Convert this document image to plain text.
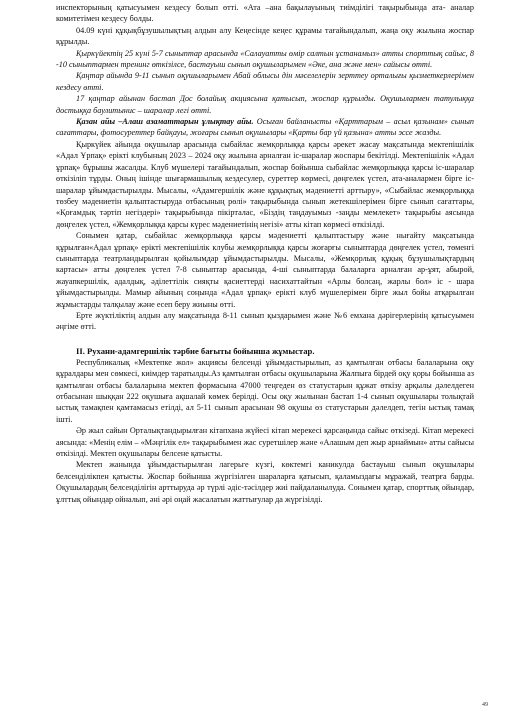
инспекторының қатысуымен кездесу болып өтті. «Ата –ана бақылауының тиімділігі тақырыбында ата- аналар комитетімен кездесу болды.

04.09 күні құқықбұзушылықтың алдын алу Кеңесінде кеңес құрамы тағайындалып, жаңа оқу жылына жоспар құрылды.

Қыркүйектің 25 күні 5-7 сыныптар арасында «Салауатты өмір салтын ұстанамыз» атты спорттық сайыс, 8 -10 сыныптармен тренинг өткізілсе, бастауыш сынып оқушыларымен «Әке, ана және мен» сайысы өтті.

Қаңтар айында 9-11 сынып оқушыларымен Абай облысы дін мәселелерін зерттеу орталығы қызметкерлерімен кездесу өтті.

17 қаңтар айынан бастап Дос болайық акциясына қатысып, жоспар құрылды. Оқушылармен татулыққа достыққа баулитынис – шаралар легі өтті.

Қазан айы –Алаш азаматтарын ұлықтау айы. Осыған байланысты «Қарттарым – асыл қазынам» сынып сағаттары, фотосуреттер байқауы, жоғары сынып оқушылары «Қарты бар үй қазына» атты эссе жазды.

Қыркүйек айында оқушылар арасында сыбайлас жемқорлыққа қарсы әрекет жасау мақсатында мектепішілік «Адал Ұрпақ» ерікті клубының 2023 – 2024 оқу жылына арналған іс-шаралар жоспары бекітілді. Мектепішілік «Адал ұрпақ» бұрышы жасалды. Клуб мүшелері тағайындалып, жоспар бойынша сыбайлас жемқорлыққа қарсы іс-шаралар өткізіліп тұрды. Оның ішінде шығармашылық кездесулер, суреттер көрмесі, дөңгелек үстел, ата-аналармен бірге іс-шаралар ұйымдастырылды. Мысалы, «Адамгершілік және құқықтық мәдениетті арттыру», «Сыбайлас жемқорлыққа төзбеу мәдениетін қалыптастыруда отбасының рөлі» тақырыбында сынып жетекшілерімен бірге сынып сағаттары, «Қоғамдық тәртіп негіздері» тақырыбында пікірталас, «Біздің таңдауымыз -заңды мемлекет» тақырыбы аясында дөңгелек үстел, «Жемқорлыққа қарсы күрес мәдениетінің негізі» атты кітап көрмесі өткізілді.

Сонымен қатар, сыбайлас жемқорлыққа қарсы мәдениетті қалыптастыру және нығайту мақсатында құрылған«Адал ұрпақ» ерікті мектепішілік клубы жемқорлыққа қарсы жоғарғы сыныптарда дөңгелек үстел, төменгі сыныптарда театрландырылған қойылымдар ұйымдастырылды. Мысалы, «Жемқорлық құқық бұзушылықтардың картасы» атты дөңгелек үстел 7-8 сыныптар арасында, 4-ші сыныптарда балаларға арналған ар-ұят, абырой, жауапкершілік, адалдық, әділеттілік сияқты қасиеттерді насихаттайтын «Арлы болсаң, жарлы бол» іс - шара ұйымдастырылды. Мамыр айының соңында «Адал ұрпақ» ерікті клуб мүшелерімен бірге жыл бойы атқарылған жұмыстарды талқылау және есеп беру жиыны өтті.

Ерте жүктіліктің алдын алу мақсатында 8-11 сынып қыздарымен және №6 емхана дәрігерлерінің қатысуымен әңгіме өтті.

II. Рухани-адамгершілік тәрбие бағыты бойынша жұмыстар.

Республикалық «Мектепке жол» акциясы белсенді ұйымдастырылып, аз қамтылған отбасы балаларына оқу құралдары мен сөмкесі, киімдер таратылды.Аз қамтылған отбасы оқушыларына Жалпыға бірдей оқу қоры бойынша аз қамтылған отбасы балаларына мектеп формасына 47000 теңгеден өз статустарын құжат өткізу арқылы дәлелдеген отбасынан шыққан 222 оқушыға ақшалай көмек берілді. Осы оқу жылынан бастап 1-4 сынып оқушылары толықтай ыстық тамақпен қамтамасыз етілді, ал 5-11 сынып арасынан 98 оқушы өз статустарын дәлелдеп, тегін ыстық тамақ ішті.

Әр жыл сайын Орталықтандырылған кітапхана жүйесі кітап мерекесі қарсаңында сайыс өткізеді. Кітап мерекесі аясында: «Менің елім – «Мәңгілік ел» тақырыбымен жас суретшілер және «Алашым деп жыр арнаймын» атты сайысы өткізілді. Мектеп оқушылары белсене қатысты.

Мектеп жанында ұйымдастырылған лагерьге күзгі, көктемгі каникулда бастауыш сынып оқушылары белсенділікпен қатысты. Жоспар бойынша жүргізілген шараларға қатысып, қаламыздағы мұражай, театрға барды. Оқушылардың белсенділігін арттыруда әр түрлі әдіс-тәсілдер жиі пайдаланылуда. Сонымен қатар, спорттық ойындар, ұлттық ойындар ойналып, әні әрі оңай жасалатын жаттығулар да жүргізілді.

49
